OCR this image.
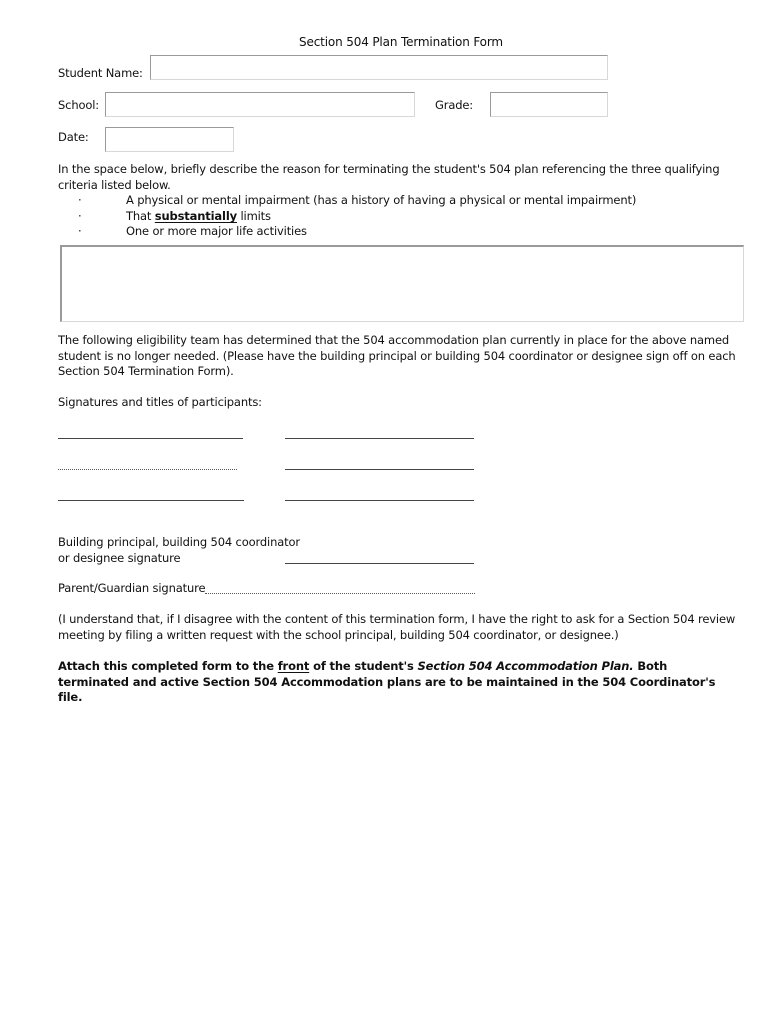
Section 504 Plan Termination Form
Student Name:
School:	Grade:
Date:
In the space below, briefly describe the reason for terminating the student's 504 plan referencing the three qualifying criteria listed below.
·	A physical or mental impairment (has a history of having a physical or mental impairment)
·	That substantially limits
·	One or more major life activities
The following eligibility team has determined that the 504 accommodation plan currently in place for the above named student is no longer needed. (Please have the building principal or building 504 coordinator or designee sign off on each Section 504 Termination Form).
Signatures and titles of participants:
Building principal, building 504 coordinator
or designee signature
Parent/Guardian signature
(I understand that, if I disagree with the content of this termination form, I have the right to ask for a Section 504 review meeting by filing a written request with the school principal, building 504 coordinator, or designee.)
Attach this completed form to the front of the student's Section 504 Accommodation Plan. Both terminated and active Section 504 Accommodation plans are to be maintained in the 504 Coordinator's file.
